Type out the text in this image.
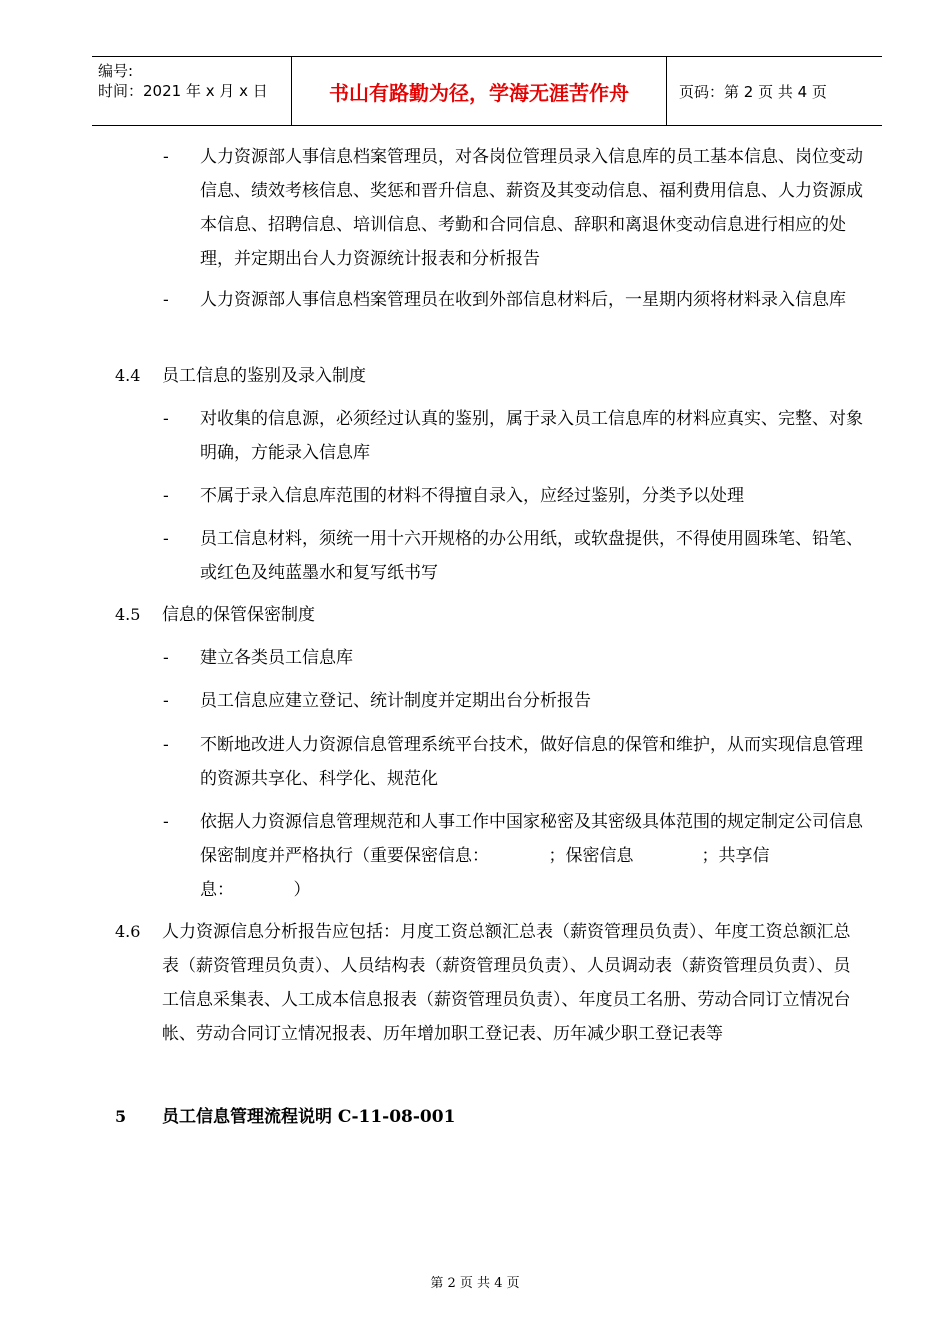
编号:
时间：2021 年 x 月 x 日	书山有路勤为径，学海无涯苦作舟	页码：第 2 页 共 4 页
- 人力资源部人事信息档案管理员，对各岗位管理员录入信息库的员工基本信息、岗位变动信息、绩效考核信息、奖惩和晋升信息、薪资及其变动信息、福利费用信息、人力资源成本信息、招聘信息、培训信息、考勤和合同信息、辞职和离退休变动信息进行相应的处理，并定期出台人力资源统计报表和分析报告
- 人力资源部人事信息档案管理员在收到外部信息材料后，一星期内须将材料录入信息库
4.4 员工信息的鉴别及录入制度
- 对收集的信息源，必须经过认真的鉴别，属于录入员工信息库的材料应真实、完整、对象明确，方能录入信息库
- 不属于录入信息库范围的材料不得擅自录入，应经过鉴别，分类予以处理
- 员工信息材料，须统一用十六开规格的办公用纸，或软盘提供，不得使用圆珠笔、铅笔、或红色及纯蓝墨水和复写纸书写
4.5 信息的保管保密制度
- 建立各类员工信息库
- 员工信息应建立登记、统计制度并定期出台分析报告
- 不断地改进人力资源信息管理系统平台技术，做好信息的保管和维护，从而实现信息管理的资源共享化、科学化、规范化
- 依据人力资源信息管理规范和人事工作中国家秘密及其密级具体范围的规定制定公司信息保密制度并严格执行（重要保密信息：　　　　；保密信息　　　　；共享信息：　　　　）
4.6 人力资源信息分析报告应包括：月度工资总额汇总表（薪资管理员负责）、年度工资总额汇总表（薪资管理员负责）、人员结构表（薪资管理员负责）、人员调动表（薪资管理员负责）、员工信息采集表、人工成本信息报表（薪资管理员负责）、年度员工名册、劳动合同订立情况台帐、劳动合同订立情况报表、历年增加职工登记表、历年减少职工登记表等
5 员工信息管理流程说明 C-11-08-001
第 2 页 共 4 页
